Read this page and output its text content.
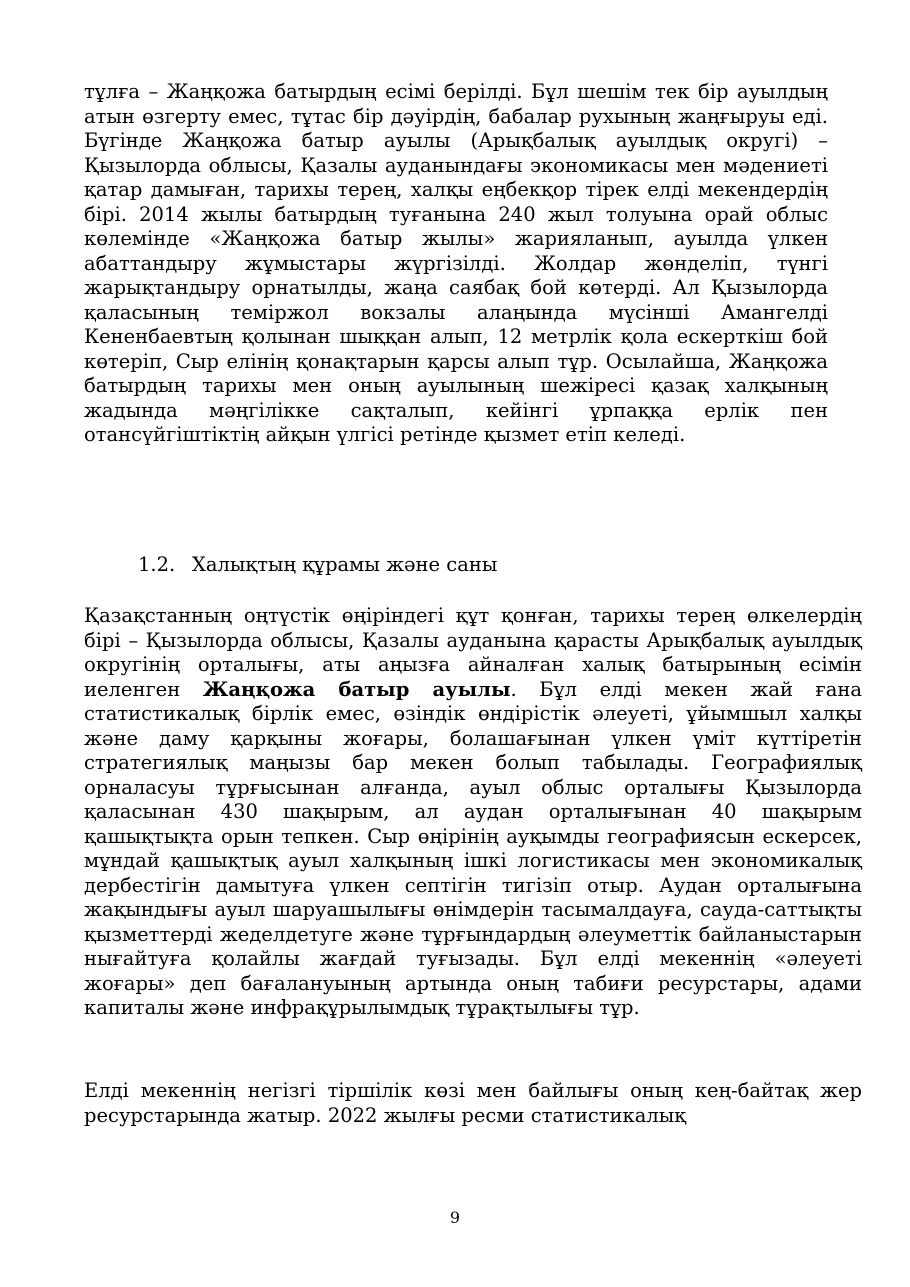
тұлға – Жаңқожа батырдың есімі берілді. Бұл шешім тек бір ауылдың атын өзгерту емес, тұтас бір дәуірдің, бабалар рухының жаңғыруы еді. Бүгінде Жаңқожа батыр ауылы (Арықбалық ауылдық округі) – Қызылорда облысы, Қазалы ауданындағы экономикасы мен мәдениеті қатар дамыған, тарихы терең, халқы еңбекқор тірек елді мекендердің бірі. 2014 жылы батырдың туғанына 240 жыл толуына орай облыс көлемінде «Жаңқожа батыр жылы» жарияланып, ауылда үлкен абаттандыру жұмыстары жүргізілді. Жолдар жөнделіп, түнгі жарықтандыру орнатылды, жаңа саябақ бой көтерді. Ал Қызылорда қаласының теміржол вокзалы алаңында мүсінші Амангелді Кененбаевтың қолынан шыққан алып, 12 метрлік қола ескерткіш бой көтеріп, Сыр елінің қонақтарын қарсы алып тұр. Осылайша, Жаңқожа батырдың тарихы мен оның ауылының шежіресі қазақ халқының жадында мәңгілікке сақталып, кейінгі ұрпаққа ерлік пен отансүйгіштіктің айқын үлгісі ретінде қызмет етіп келеді.

1.2. Халықтың құрамы және саны

Қазақстанның оңтүстік өңіріндегі құт қонған, тарихы терең өлкелердің бірі – Қызылорда облысы, Қазалы ауданына қарасты Арықбалық ауылдық округінің орталығы, аты аңызға айналған халық батырының есімін иеленген Жаңқожа батыр ауылы. Бұл елді мекен жай ғана статистикалық бірлік емес, өзіндік өндірістік әлеуеті, ұйымшыл халқы және даму қарқыны жоғары, болашағынан үлкен үміт күттіретін стратегиялық маңызы бар мекен болып табылады. Географиялық орналасуы тұрғысынан алғанда, ауыл облыс орталығы Қызылорда қаласынан 430 шақырым, ал аудан орталығынан 40 шақырым қашықтықта орын тепкен. Сыр өңірінің ауқымды географиясын ескерсек, мұндай қашықтық ауыл халқының ішкі логистикасы мен экономикалық дербестігін дамытуға үлкен септігін тигізіп отыр. Аудан орталығына жақындығы ауыл шаруашылығы өнімдерін тасымалдауға, сауда-саттықты қызметтерді жеделдетуге және тұрғындардың әлеуметтік байланыстарын нығайтуға қолайлы жағдай туғызады. Бұл елді мекеннің «әлеуеті жоғары» деп бағалануының артында оның табиғи ресурстары, адами капиталы және инфрақұрылымдық тұрақтылығы тұр.

Елді мекеннің негізгі тіршілік көзі мен байлығы оның кең-байтақ жер ресурстарында жатыр. 2022 жылғы ресми статистикалық

9
